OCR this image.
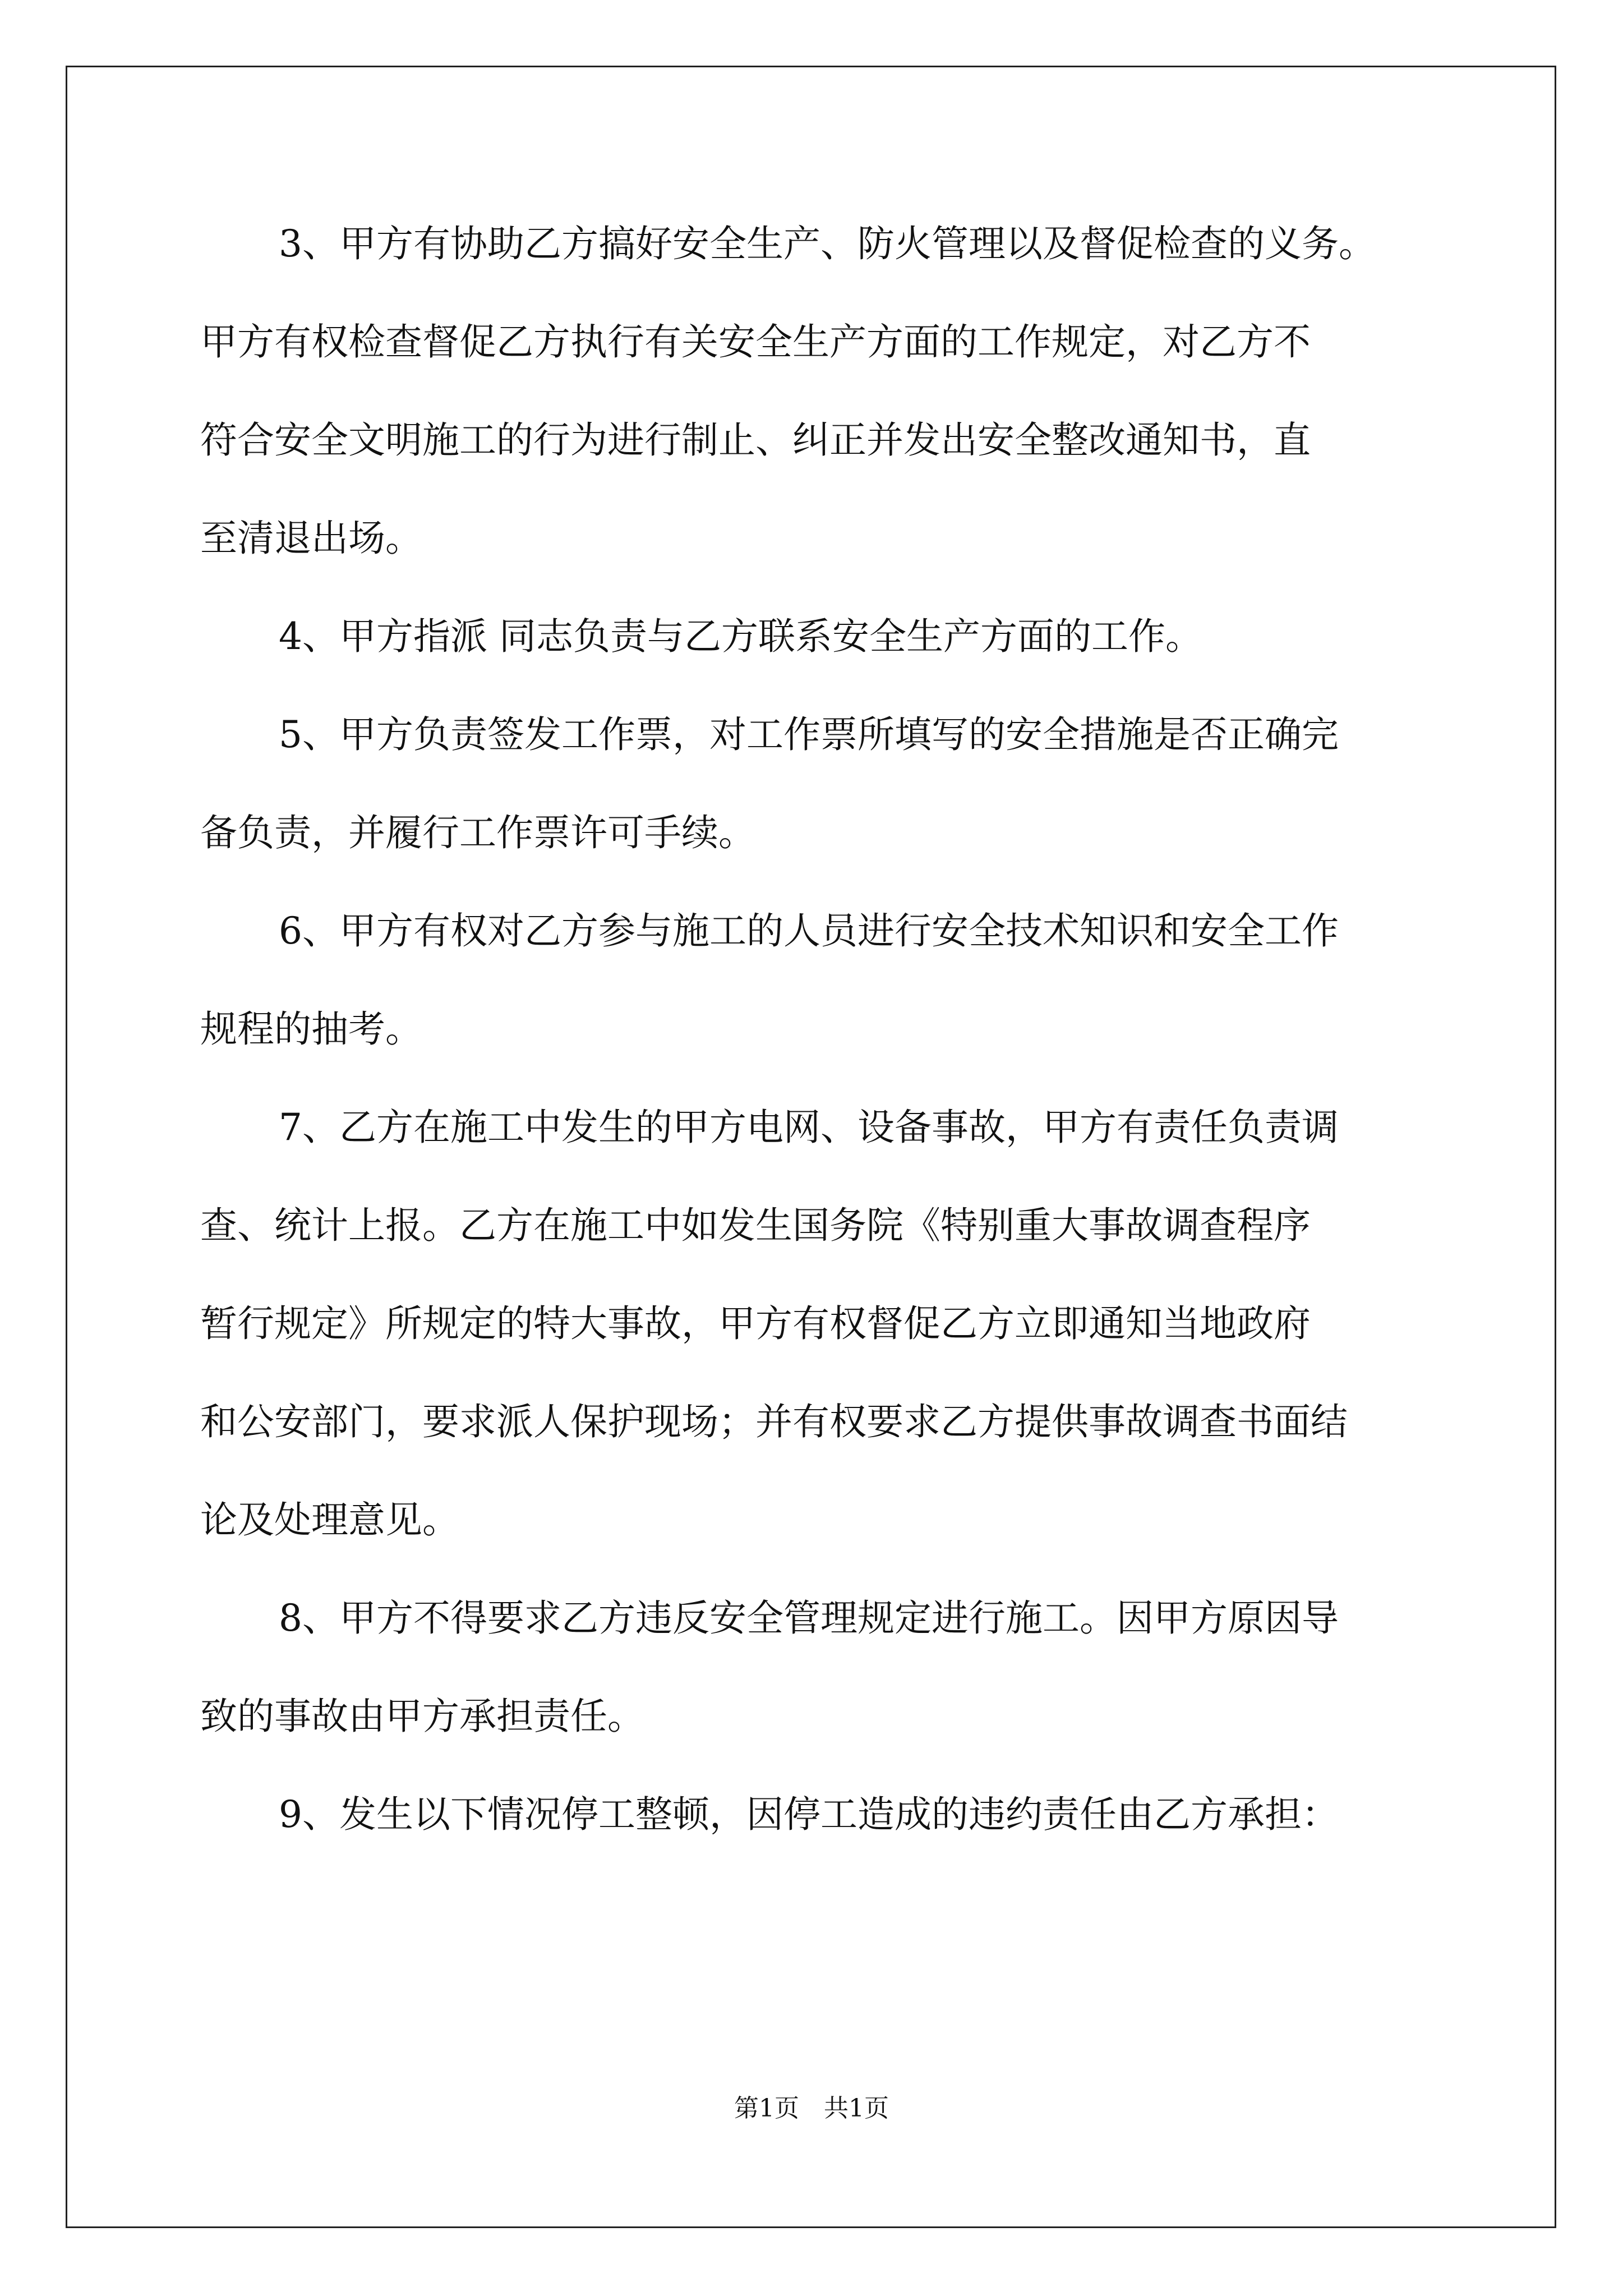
3、甲方有协助乙方搞好安全生产、防火管理以及督促检查的义务。
甲方有权检查督促乙方执行有关安全生产方面的工作规定，对乙方不
符合安全文明施工的行为进行制止、纠正并发出安全整改通知书，直
至清退出场。
4、甲方指派 同志负责与乙方联系安全生产方面的工作。
5、甲方负责签发工作票，对工作票所填写的安全措施是否正确完
备负责，并履行工作票许可手续。
6、甲方有权对乙方参与施工的人员进行安全技术知识和安全工作
规程的抽考。
7、乙方在施工中发生的甲方电网、设备事故，甲方有责任负责调
查、统计上报。乙方在施工中如发生国务院《特别重大事故调查程序
暂行规定》所规定的特大事故，甲方有权督促乙方立即通知当地政府
和公安部门，要求派人保护现场；并有权要求乙方提供事故调查书面结
论及处理意见。
8、甲方不得要求乙方违反安全管理规定进行施工。因甲方原因导
致的事故由甲方承担责任。
9、发生以下情况停工整顿，因停工造成的违约责任由乙方承担：
第1页　共1页
